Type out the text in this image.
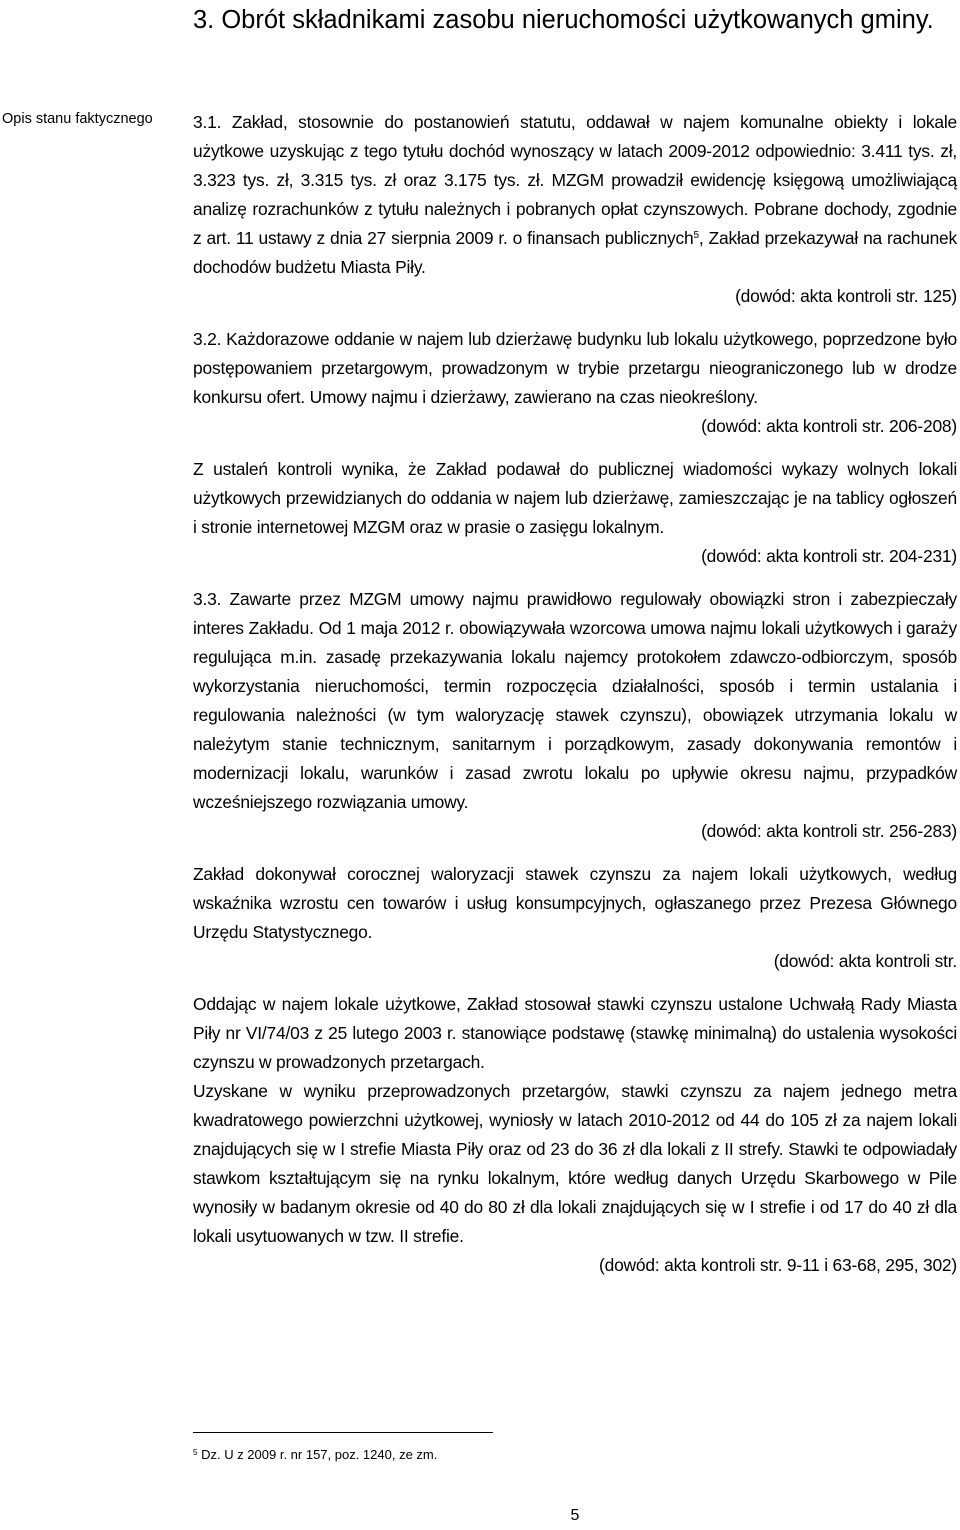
3. Obrót składnikami zasobu nieruchomości użytkowanych gminy.
Opis stanu faktycznego 3.1. Zakład, stosownie do postanowień statutu, oddawał w najem komunalne obiekty i lokale użytkowe uzyskując z tego tytułu dochód wynoszący w latach 2009-2012 odpowiednio: 3.411 tys. zł, 3.323 tys. zł, 3.315 tys. zł oraz 3.175 tys. zł. MZGM prowadził ewidencję księgową umożliwiającą analizę rozrachunków z tytułu należnych i pobranych opłat czynszowych. Pobrane dochody, zgodnie z art. 11 ustawy z dnia 27 sierpnia 2009 r. o finansach publicznych$^5$, Zakład przekazywał na rachunek dochodów budżetu Miasta Piły.

(dowód: akta kontroli str. 125)

3.2. Każdorazowe oddanie w najem lub dzierżawę budynku lub lokalu użytkowego, poprzedzone było postępowaniem przetargowym, prowadzonym w trybie przetargu nieograniczonego lub w drodze konkursu ofert. Umowy najmu i dzierżawy, zawierano na czas nieokreślony.

(dowód: akta kontroli str. 206-208)

Z ustaleń kontroli wynika, że Zakład podawał do publicznej wiadomości wykazy wolnych lokali użytkowych przewidzianych do oddania w najem lub dzierżawę, zamieszczając je na tablicy ogłoszeń i stronie internetowej MZGM oraz w prasie o zasięgu lokalnym.

(dowód: akta kontroli str. 204-231)

3.3. Zawarte przez MZGM umowy najmu prawidłowo regulowały obowiązki stron i zabezpieczały interes Zakładu. Od 1 maja 2012 r. obowiązywała wzorcowa umowa najmu lokali użytkowych i garaży regulująca m.in. zasadę przekazywania lokalu najemcy protokołem zdawczo-odbiorczym, sposób wykorzystania nieruchomości, termin rozpoczęcia działalności, sposób i termin ustalania i regulowania należności (w tym waloryzację stawek czynszu), obowiązek utrzymania lokalu w należytym stanie technicznym, sanitarnym i porządkowym, zasady dokonywania remontów i modernizacji lokalu, warunków i zasad zwrotu lokalu po upływie okresu najmu, przypadków wcześniejszego rozwiązania umowy.

(dowód: akta kontroli str. 256-283)

Zakład dokonywał corocznej waloryzacji stawek czynszu za najem lokali użytkowych, według wskaźnika wzrostu cen towarów i usług konsumpcyjnych, ogłaszanego przez Prezesa Głównego Urzędu Statystycznego.

(dowód: akta kontroli str.

Oddając w najem lokale użytkowe, Zakład stosował stawki czynszu ustalone Uchwałą Rady Miasta Piły nr VI/74/03 z 25 lutego 2003 r. stanowiące podstawę (stawkę minimalną) do ustalenia wysokości czynszu w prowadzonych przetargach.

Uzyskane w wyniku przeprowadzonych przetargów, stawki czynszu za najem jednego metra kwadratowego powierzchni użytkowej, wyniosły w latach 2010-2012 od 44 do 105 zł za najem lokali znajdujących się w I strefie Miasta Piły oraz od 23 do 36 zł dla lokali z II strefy. Stawki te odpowiadały stawkom kształtującym się na rynku lokalnym, które według danych Urzędu Skarbowego w Pile wynosiły w badanym okresie od 40 do 80 zł dla lokali znajdujących się w I strefie i od 17 do 40 zł dla lokali usytuowanych w tzw. II strefie.

(dowód: akta kontroli str. 9-11 i 63-68, 295, 302)

$^5$ Dz. U z 2009 r. nr 157, poz. 1240, ze zm.
5
